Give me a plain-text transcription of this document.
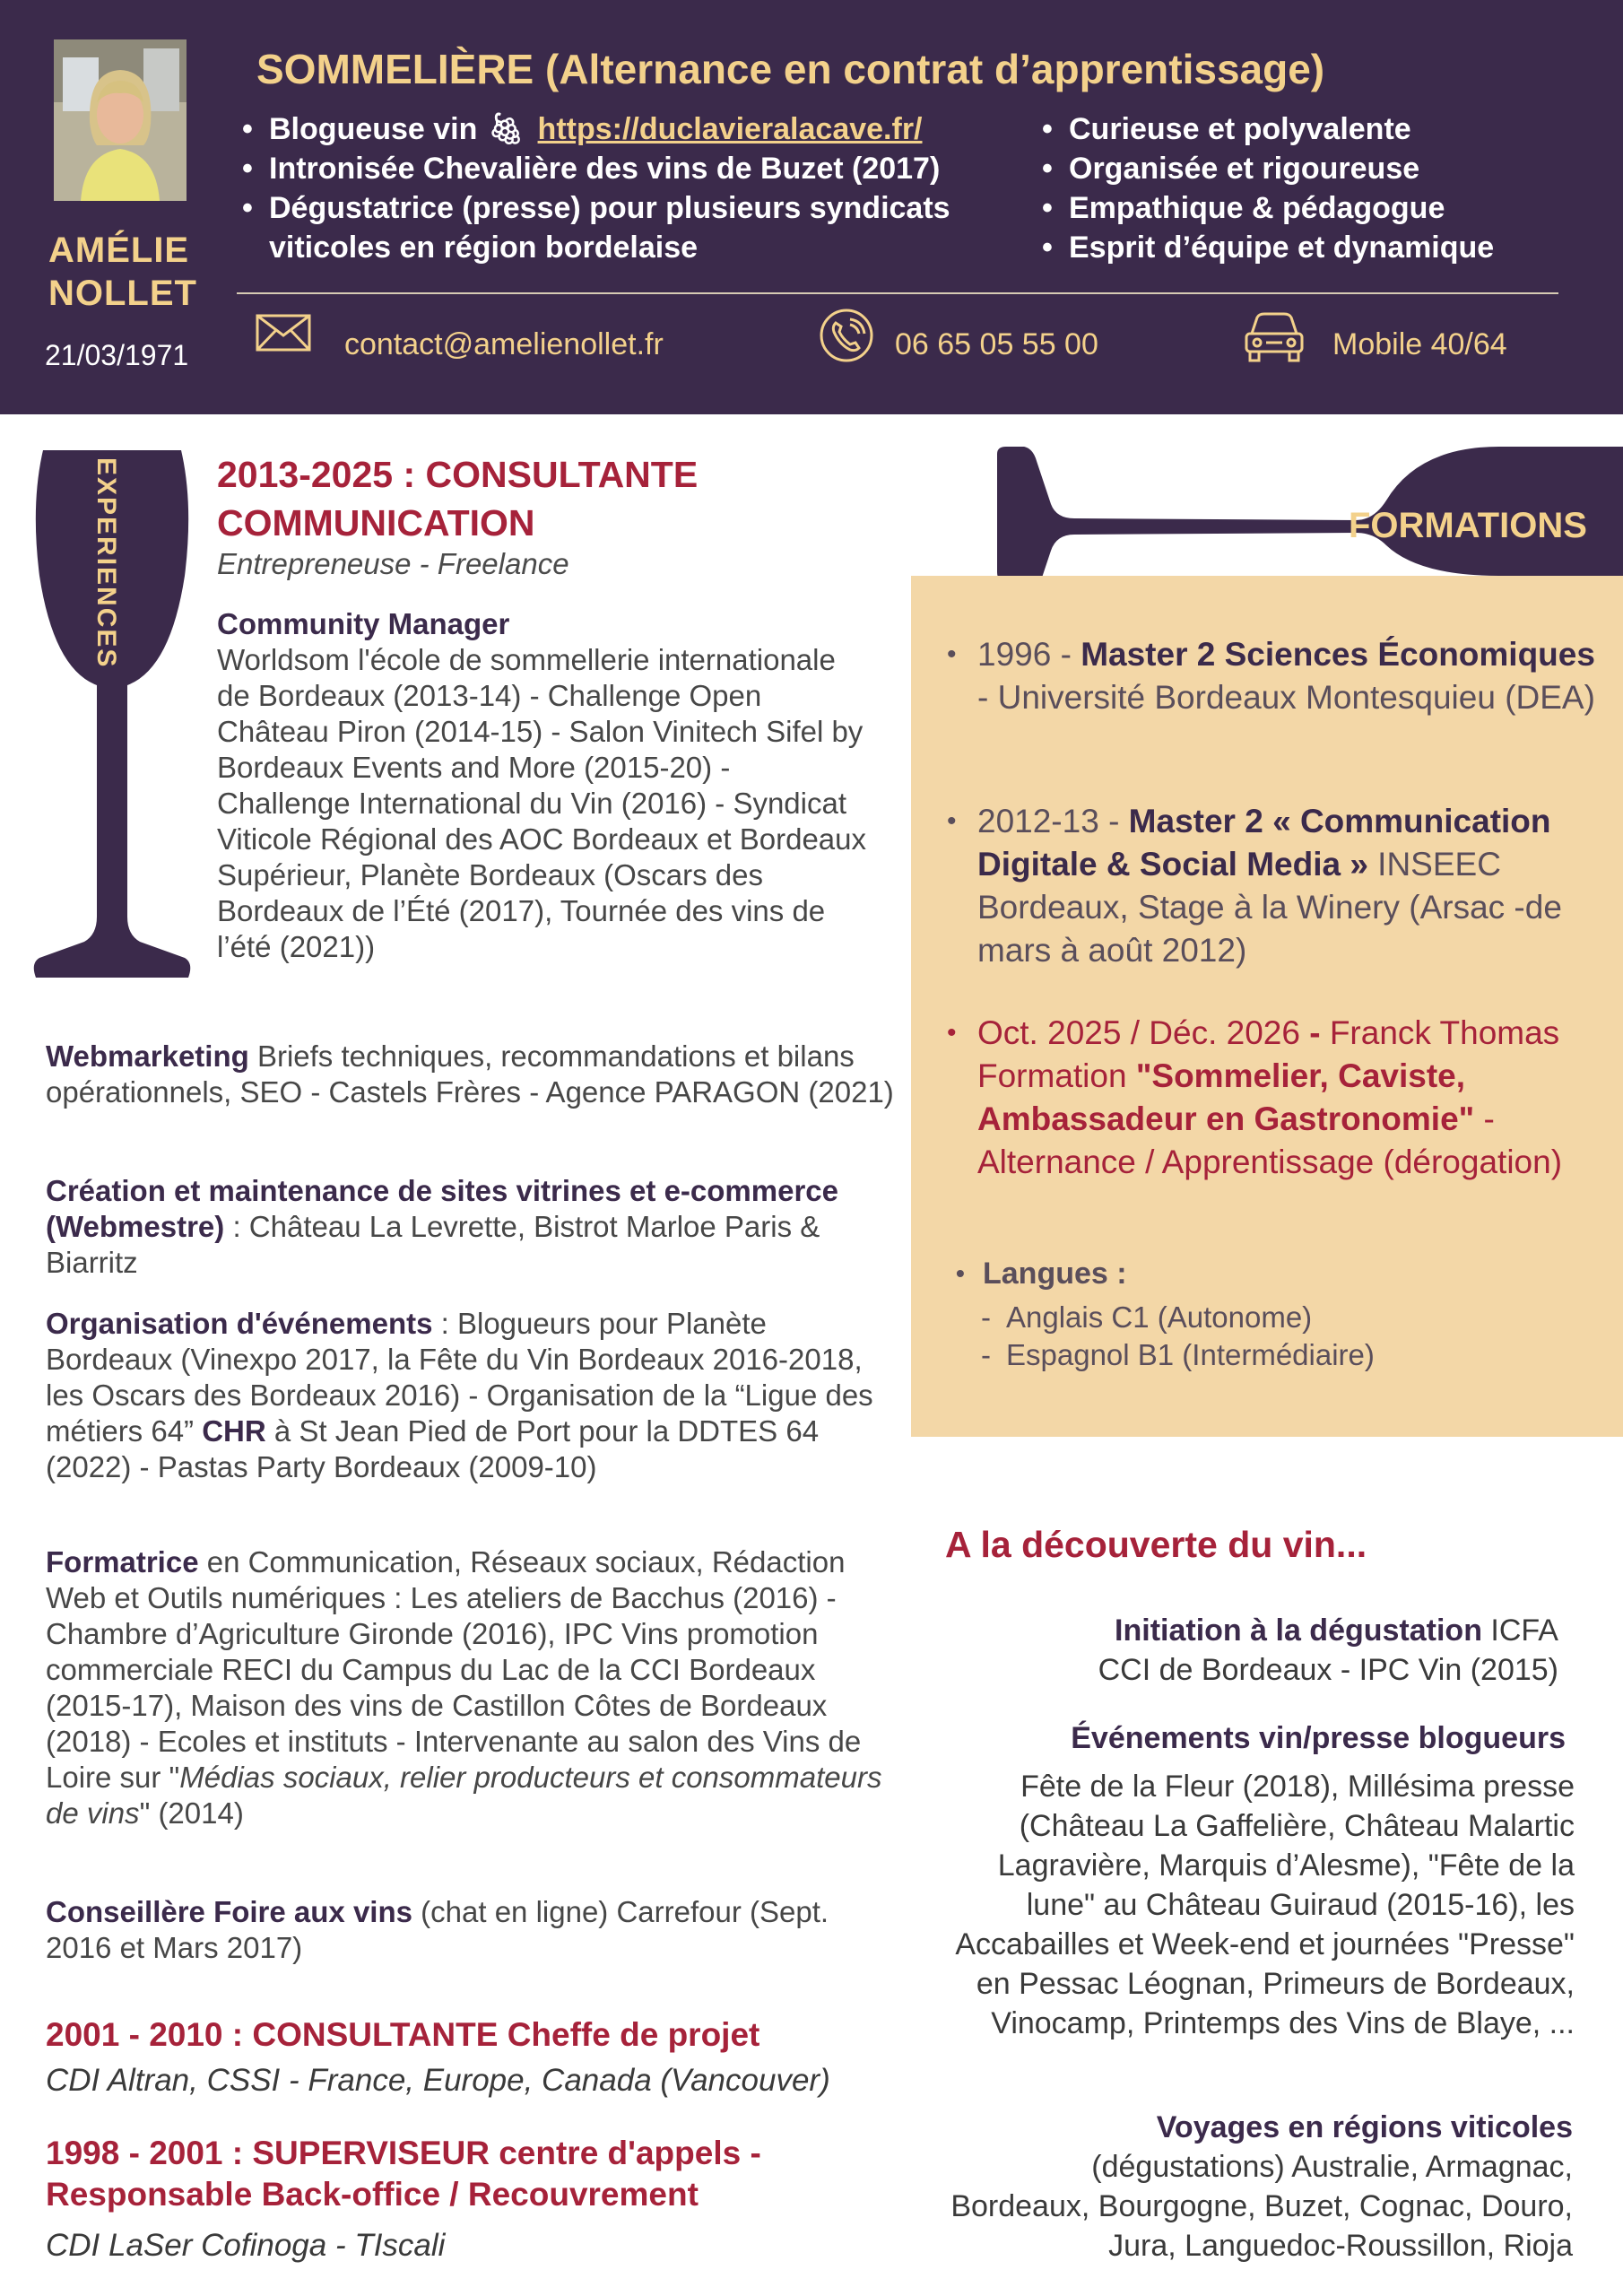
AMÉLIE
NOLLET
21/03/1971
SOMMELIÈRE (Alternance en contrat d’apprentissage)
• Blogueuse vin 🍇︎ https://duclavieralacave.fr/
• Intronisée Chevalière des vins de Buzet (2017)
• Dégustatrice (presse) pour plusieurs syndicats viticoles en région bordelaise
• Curieuse et polyvalente
• Organisée et rigoureuse
• Empathique & pédagogue
• Esprit d’équipe et dynamique
contact@amelienollet.fr	06 65 05 55 00	Mobile 40/64
EXPERIENCES	2013-2025 : CONSULTANTE COMMUNICATION
Entrepreneuse - Freelance
Community Manager
Worldsom l'école de sommellerie internationale de Bordeaux (2013-14) - Challenge Open Château Piron (2014-15) - Salon Vinitech Sifel by Bordeaux Events and More (2015-20) - Challenge International du Vin (2016) - Syndicat Viticole Régional des AOC Bordeaux et Bordeaux Supérieur, Planète Bordeaux (Oscars des Bordeaux de l’Été (2017), Tournée des vins de l’été (2021))
Webmarketing Briefs techniques, recommandations et bilans opérationnels, SEO - Castels Frères - Agence PARAGON (2021)
Création et maintenance de sites vitrines et e-commerce (Webmestre) : Château La Levrette, Bistrot Marloe Paris & Biarritz
Organisation d'événements : Blogueurs pour Planète Bordeaux (Vinexpo 2017, la Fête du Vin Bordeaux 2016-2018, les Oscars des Bordeaux 2016) - Organisation de la “Ligue des métiers 64” CHR à St Jean Pied de Port pour la DDTES 64 (2022) - Pastas Party Bordeaux (2009-10)
Formatrice en Communication, Réseaux sociaux, Rédaction Web et Outils numériques : Les ateliers de Bacchus (2016) - Chambre d’Agriculture Gironde (2016), IPC Vins promotion commerciale RECI du Campus du Lac de la CCI Bordeaux (2015-17), Maison des vins de Castillon Côtes de Bordeaux (2018) - Ecoles et instituts - Intervenante au salon des Vins de Loire sur "Médias sociaux, relier producteurs et consommateurs de vins" (2014)
Conseillère Foire aux vins (chat en ligne) Carrefour (Sept. 2016 et Mars 2017)
2001 - 2010 : CONSULTANTE Cheffe de projet
CDI Altran, CSSI - France, Europe, Canada (Vancouver)
1998 - 2001 : SUPERVISEUR centre d'appels - Responsable Back-office / Recouvrement
CDI LaSer Cofinoga - TIscali
FORMATIONS
• 1996 - Master 2 Sciences Économiques - Université Bordeaux Montesquieu (DEA)
• 2012-13 - Master 2 « Communication Digitale & Social Media » INSEEC Bordeaux, Stage à la Winery (Arsac -de mars à août 2012)
• Oct. 2025 / Déc. 2026 - Franck Thomas Formation "Sommelier, Caviste, Ambassadeur en Gastronomie" - Alternance / Apprentissage (dérogation)
• Langues :
- Anglais C1 (Autonome)
- Espagnol B1 (Intermédiaire)
A la découverte du vin...
Initiation à la dégustation ICFA CCI de Bordeaux - IPC Vin (2015)
Événements vin/presse blogueurs
Fête de la Fleur (2018), Millésima presse (Château La Gaffelière, Château Malartic Lagravière, Marquis d’Alesme), "Fête de la lune" au Château Guiraud (2015-16), les Accabailles et Week-end et journées "Presse" en Pessac Léognan, Primeurs de Bordeaux, Vinocamp, Printemps des Vins de Blaye, ...
Voyages en régions viticoles
(dégustations) Australie, Armagnac, Bordeaux, Bourgogne, Buzet, Cognac, Douro, Jura, Languedoc-Roussillon, Rioja
